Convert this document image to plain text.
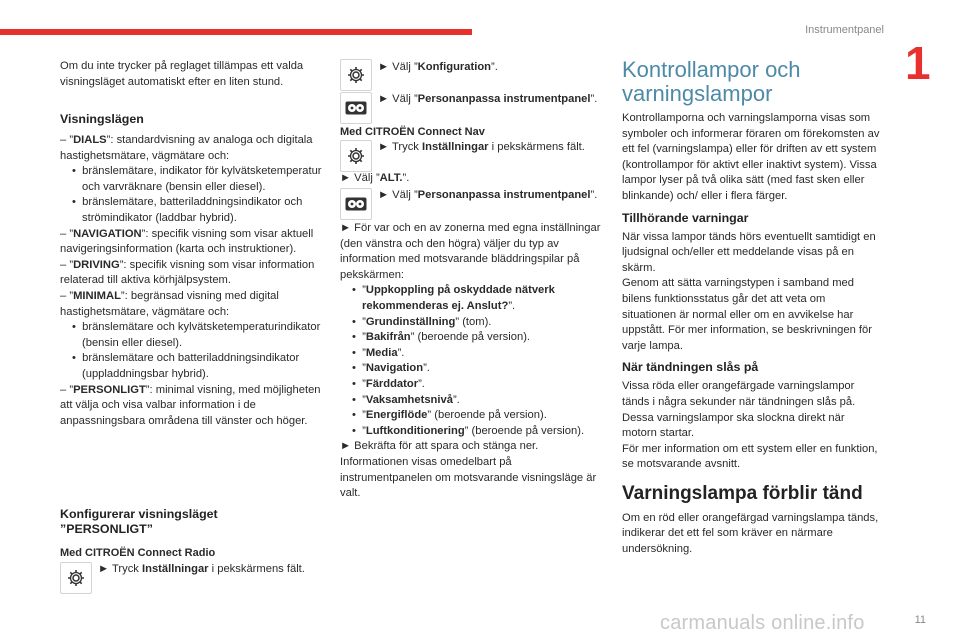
Instrumentpanel
1

Om du inte trycker på reglaget tillämpas ett valda visningsläget automatiskt efter en liten stund.

Visningslägen

– ”DIALS”: standardvisning av analoga och digitala hastighetsmätare, vägmätare och:

•  bränslemätare, indikator för kylvätsketemperatur och varvräknare (bensin eller diesel).

•  bränslemätare, batteriladdningsindikator och strömindikator (laddbar hybrid).

– ”NAVIGATION”: specifik visning som visar aktuell navigeringsinformation (karta och instruktioner).

– ”DRIVING”: specifik visning som visar information relaterad till aktiva körhjälpsystem.

– ”MINIMAL”: begränsad visning med digital hastighetsmätare, vägmätare och:

•  bränslemätare och kylvätsketemperaturindikator (bensin eller diesel).

•  bränslemätare och batteriladdningsindikator (uppladdningsbar hybrid).

– ”PERSONLIGT”: minimal visning, med möjligheten att välja och visa valbar information i de anpassningsbara områdena till vänster och höger.

Konfigurerar visningsläget ”PERSONLIGT”

Med CITROËN Connect Radio

► Tryck Inställningar i pekskärmens fält.

► Välj ”Konfiguration”.

► Välj ”Personanpassa instrumentpanel”.

Med CITROËN Connect Nav

► Tryck Inställningar i pekskärmens fält.

► Välj ”ALT.”.

► Välj ”Personanpassa instrumentpanel”.

► För var och en av zonerna med egna inställningar (den vänstra och den högra) väljer du typ av information med motsvarande bläddringspilar på pekskärmen:

•  ”Uppkoppling på oskyddade nätverk rekommenderas ej. Anslut?”.

•  ”Grundinställning” (tom).

•  ”Bakifrån” (beroende på version).

•  ”Media”.

•  ”Navigation”.

•  ”Färddator”.

•  ”Vaksamhetsnivå”.

•  ”Energiflöde” (beroende på version).

•  ”Luftkonditionering” (beroende på version).

► Bekräfta för att spara och stänga ner.

Informationen visas omedelbart på instrumentpanelen om motsvarande visningsläge är valt.

Kontrollampor och varningslampor

Kontrollamporna och varningslamporna visas som symboler och informerar föraren om förekomsten av ett fel (varningslampa) eller för driften av ett system (kontrollampor för aktivt eller inaktivt system). Vissa lampor lyser på två olika sätt (med fast sken eller blinkande) och/ eller i flera färger.

Tillhörande varningar

När vissa lampor tänds hörs eventuellt samtidigt en ljudsignal och/eller ett meddelande visas på en skärm.

Genom att sätta varningstypen i samband med bilens funktionsstatus går det att veta om situationen är normal eller om en avvikelse har uppstått. För mer information, se beskrivningen för varje lampa.

När tändningen slås på

Vissa röda eller orangefärgade varningslampor tänds i några sekunder när tändningen slås på. Dessa varningslampor ska slockna direkt när motorn startar.

För mer information om ett system eller en funktion, se motsvarande avsnitt.

Varningslampa förblir tänd

Om en röd eller orangefärgad varningslampa tänds, indikerar det ett fel som kräver en närmare undersökning.

carmanuals online.info	11
